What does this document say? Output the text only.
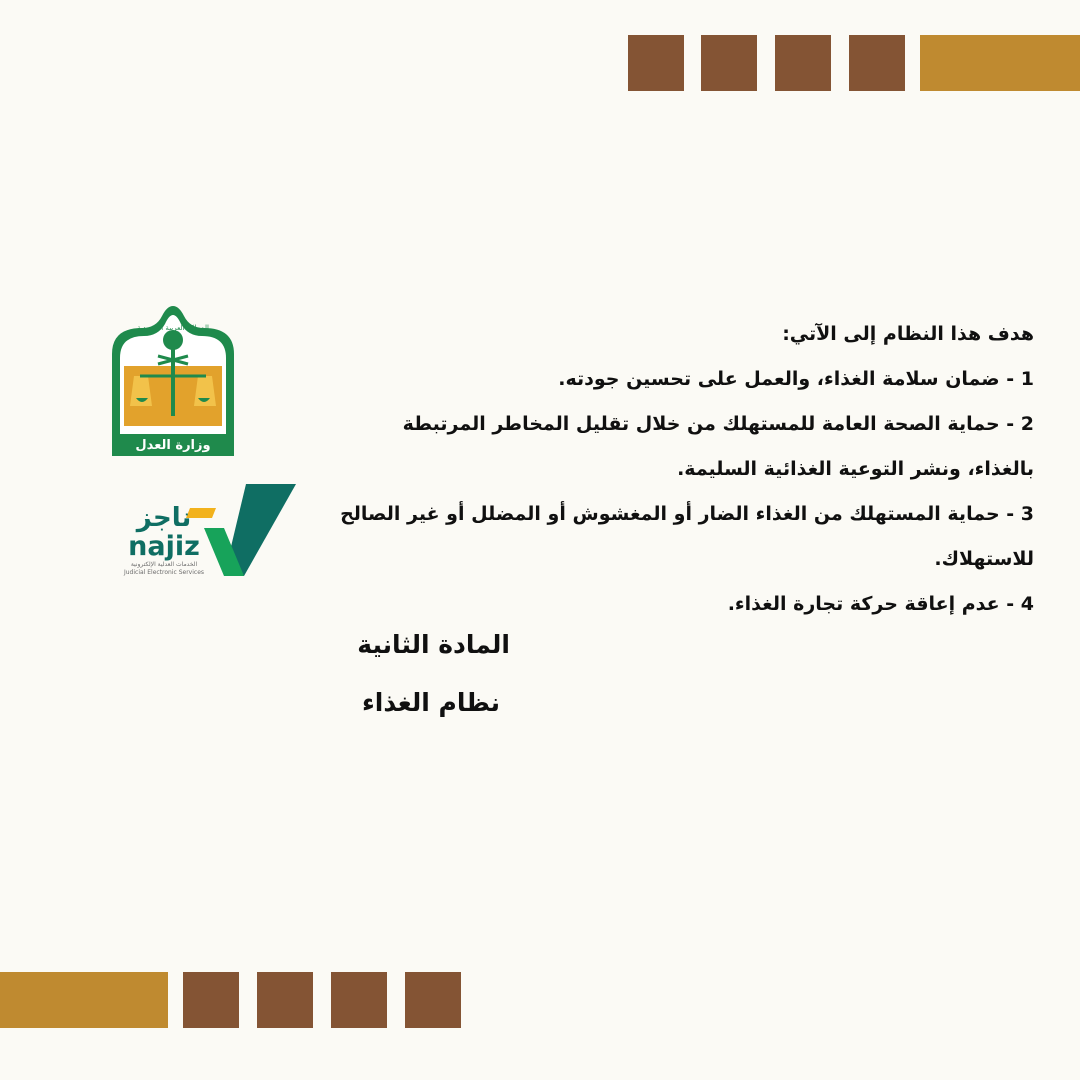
وزارة العدل
المملكة العربية السعودية
ناجز
najiz
الخدمات العدلية الإلكترونية
Judicial Electronic Services

هدف هذا النظام إلى الآتي:

1 - ضمان سلامة الغذاء، والعمل على تحسين جودته.

2 - حماية الصحة العامة للمستهلك من خلال تقليل المخاطر المرتبطة بالغذاء، ونشر التوعية الغذائية السليمة.

3 - حماية المستهلك من الغذاء الضار أو المغشوش أو المضلل أو غير الصالح للاستهلاك.

4 - عدم إعاقة حركة تجارة الغذاء.

المادة الثانية
نظام الغذاء
